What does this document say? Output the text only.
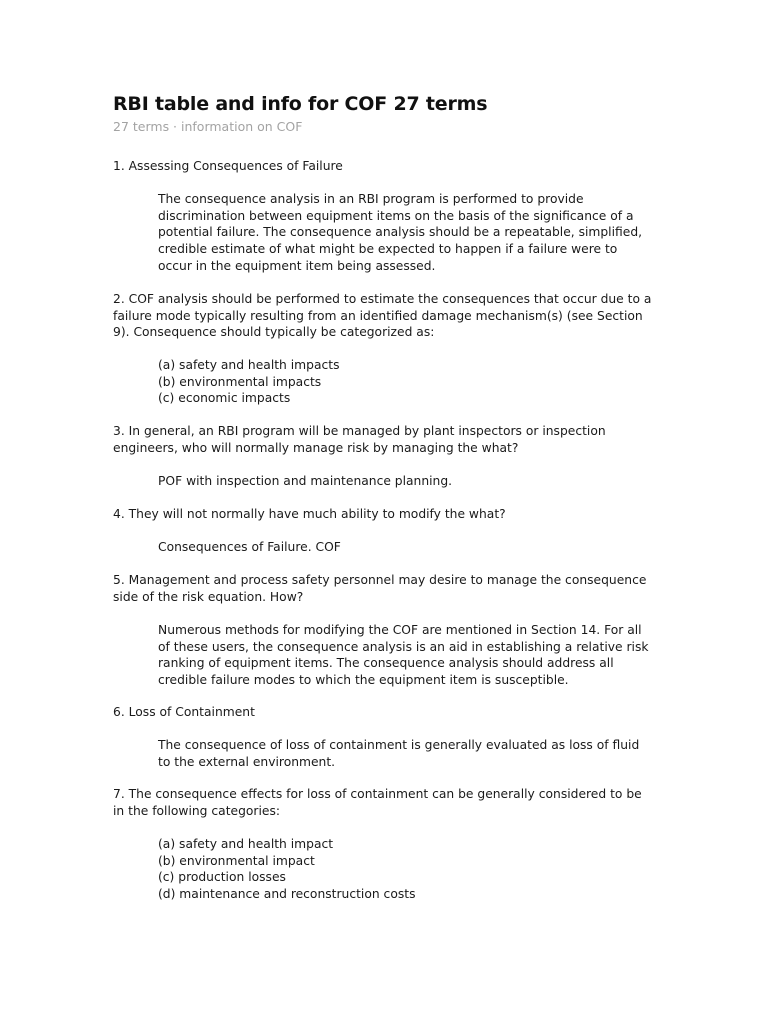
RBI table and info for COF 27 terms
27 terms · information on COF
1. Assessing Consequences of Failure
The consequence analysis in an RBI program is performed to provide
discrimination between equipment items on the basis of the significance of a
potential failure. The consequence analysis should be a repeatable, simplified,
credible estimate of what might be expected to happen if a failure were to
occur in the equipment item being assessed.
2. COF analysis should be performed to estimate the consequences that occur due to a
failure mode typically resulting from an identified damage mechanism(s) (see Section
9). Consequence should typically be categorized as:
(a) safety and health impacts
(b) environmental impacts
(c) economic impacts
3. In general, an RBI program will be managed by plant inspectors or inspection
engineers, who will normally manage risk by managing the what?
POF with inspection and maintenance planning.
4. They will not normally have much ability to modify the what?
Consequences of Failure. COF
5. Management and process safety personnel may desire to manage the consequence
side of the risk equation. How?
Numerous methods for modifying the COF are mentioned in Section 14. For all
of these users, the consequence analysis is an aid in establishing a relative risk
ranking of equipment items. The consequence analysis should address all
credible failure modes to which the equipment item is susceptible.
6. Loss of Containment
The consequence of loss of containment is generally evaluated as loss of fluid
to the external environment.
7. The consequence effects for loss of containment can be generally considered to be
in the following categories:
(a) safety and health impact
(b) environmental impact
(c) production losses
(d) maintenance and reconstruction costs
